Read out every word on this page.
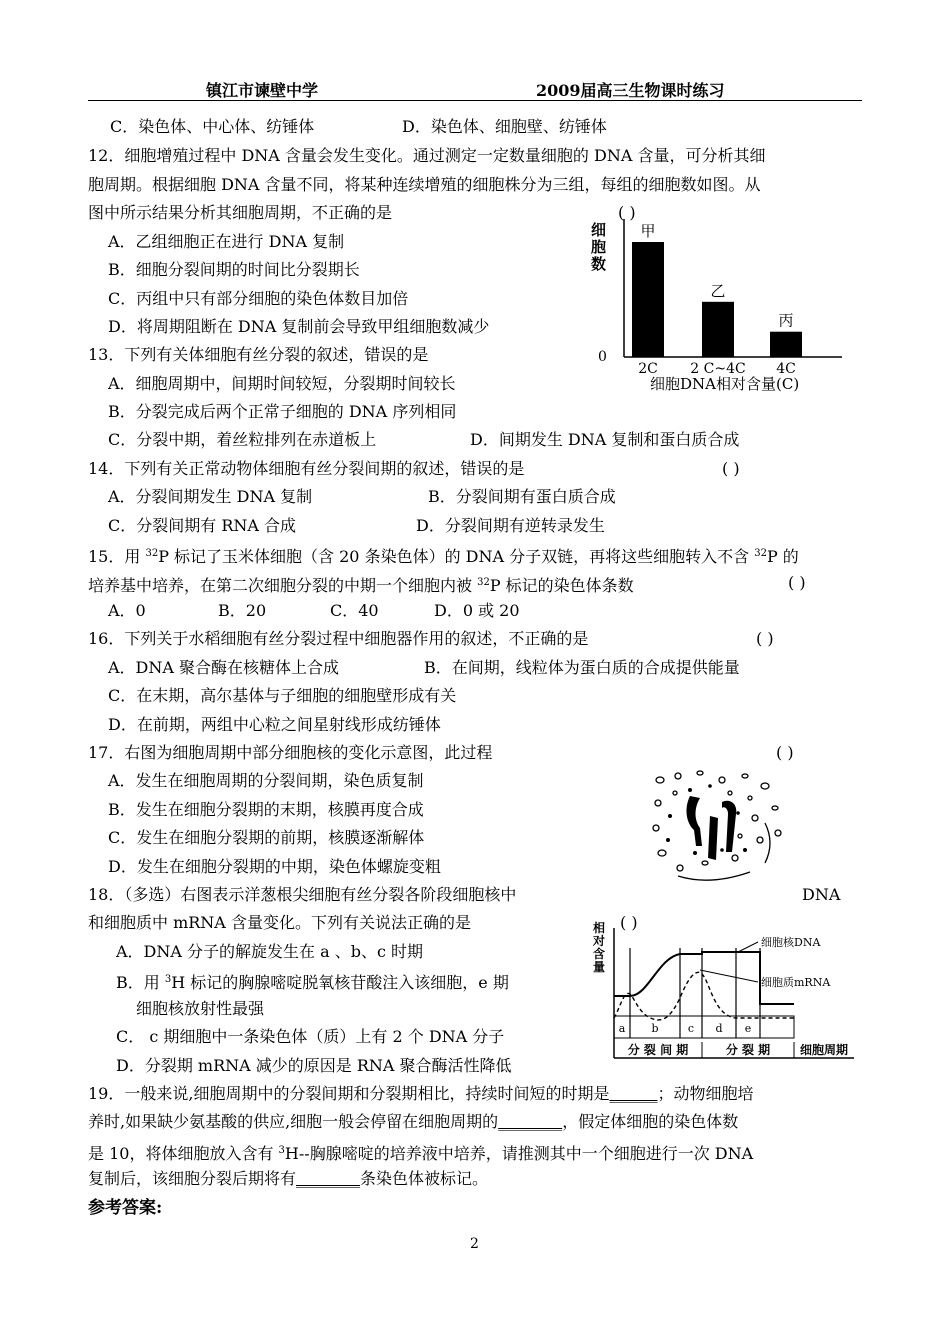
镇江市谏壁中学	2009届高三生物课时练习
C．染色体、中心体、纺锤体	D．染色体、细胞壁、纺锤体
12．细胞增殖过程中 DNA 含量会发生变化。通过测定一定数量细胞的 DNA 含量，可分析其细
胞周期。根据细胞 DNA 含量不同，将某种连续增殖的细胞株分为三组，每组的细胞数如图。从
图中所示结果分析其细胞周期，不正确的是	( )
A．乙组细胞正在进行 DNA 复制
B．细胞分裂间期的时间比分裂期长
C．丙组中只有部分细胞的染色体数目加倍
D．将周期阻断在 DNA 复制前会导致甲组细胞数减少
13．下列有关体细胞有丝分裂的叙述，错误的是
A．细胞周期中，间期时间较短，分裂期时间较长
B．分裂完成后两个正常子细胞的 DNA 序列相同
C．分裂中期，着丝粒排列在赤道板上	D．间期发生 DNA 复制和蛋白质合成
14．下列有关正常动物体细胞有丝分裂间期的叙述，错误的是	( )
A．分裂间期发生 DNA 复制	B．分裂间期有蛋白质合成
C．分裂间期有 RNA 合成	D．分裂间期有逆转录发生
15．用 $^{32}$P 标记了玉米体细胞（含 20 条染色体）的 DNA 分子双链，再将这些细胞转入不含 $^{32}$P 的
培养基中培养，在第二次细胞分裂的中期一个细胞内被 $^{32}$P 标记的染色体条数	( )
A．0	B．20	C．40	D．0 或 20
16．下列关于水稻细胞有丝分裂过程中细胞器作用的叙述，不正确的是	( )
A．DNA 聚合酶在核糖体上合成	B．在间期，线粒体为蛋白质的合成提供能量
C．在末期，高尔基体与子细胞的细胞壁形成有关
D．在前期，两组中心粒之间星射线形成纺锤体
17．右图为细胞周期中部分细胞核的变化示意图，此过程	( )
A．发生在细胞周期的分裂间期，染色质复制
B．发生在细胞分裂期的末期，核膜再度合成
C．发生在细胞分裂期的前期，核膜逐渐解体
D．发生在细胞分裂期的中期，染色体螺旋变粗
18．（多选）右图表示洋葱根尖细胞有丝分裂各阶段细胞核中	DNA
和细胞质中 mRNA 含量变化。下列有关说法正确的是	( )
A．DNA 分子的解旋发生在 a 、b、c 时期
B．用 $^3$H 标记的胸腺嘧啶脱氧核苷酸注入该细胞，e 期
细胞核放射性最强
C． c 期细胞中一条染色体（质）上有 2 个 DNA 分子
D．分裂期 mRNA 减少的原因是 RNA 聚合酶活性降低
19．一般来说,细胞周期中的分裂间期和分裂期相比，持续时间短的时期是______；动物细胞培
养时,如果缺少氨基酸的供应,细胞一般会停留在细胞周期的________，假定体细胞的染色体数
是 10，将体细胞放入含有 $^3$H--胸腺嘧啶的培养液中培养，请推测其中一个细胞进行一次 DNA
复制后，该细胞分裂后期将有________条染色体被标记。
参考答案:
2
细胞数
0
甲
2C
乙
2 C~4C
丙
4C
细胞DNA相对含量(C)
相对含量
a b	c d e
细胞核DNA
细胞质mRNA
分 裂 间 期	分 裂 期 细胞周期
